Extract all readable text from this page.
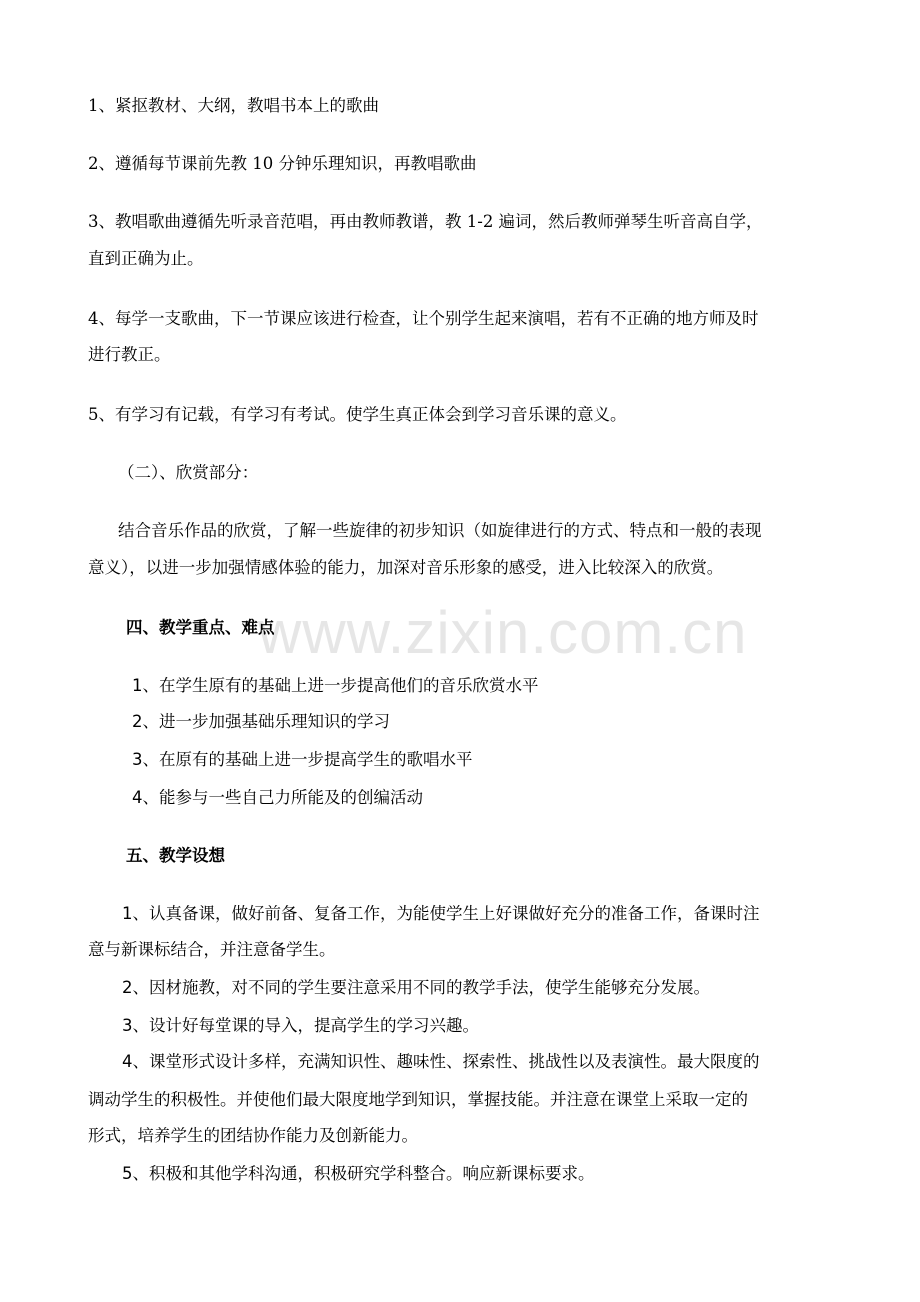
1、紧抠教材、大纲，教唱书本上的歌曲
2、遵循每节课前先教 10 分钟乐理知识，再教唱歌曲
3、教唱歌曲遵循先听录音范唱，再由教师教谱，教 1-2 遍词，然后教师弹琴生听音高自学，
直到正确为止。
4、每学一支歌曲，下一节课应该进行检查，让个别学生起来演唱，若有不正确的地方师及时
进行教正。
5、有学习有记载，有学习有考试。使学生真正体会到学习音乐课的意义。
（二）、欣赏部分：
结合音乐作品的欣赏，了解一些旋律的初步知识（如旋律进行的方式、特点和一般的表现
意义），以进一步加强情感体验的能力，加深对音乐形象的感受，进入比较深入的欣赏。
www.zixin.com.cn
四、教学重点、难点
1、在学生原有的基础上进一步提高他们的音乐欣赏水平
2、进一步加强基础乐理知识的学习
3、在原有的基础上进一步提高学生的歌唱水平
4、能参与一些自己力所能及的创编活动
五、教学设想
1、认真备课，做好前备、复备工作，为能使学生上好课做好充分的准备工作，备课时注
意与新课标结合，并注意备学生。
2、因材施教，对不同的学生要注意采用不同的教学手法，使学生能够充分发展。
3、设计好每堂课的导入，提高学生的学习兴趣。
4、课堂形式设计多样，充满知识性、趣味性、探索性、挑战性以及表演性。最大限度的
调动学生的积极性。并使他们最大限度地学到知识，掌握技能。并注意在课堂上采取一定的
形式，培养学生的团结协作能力及创新能力。
5、积极和其他学科沟通，积极研究学科整合。响应新课标要求。
